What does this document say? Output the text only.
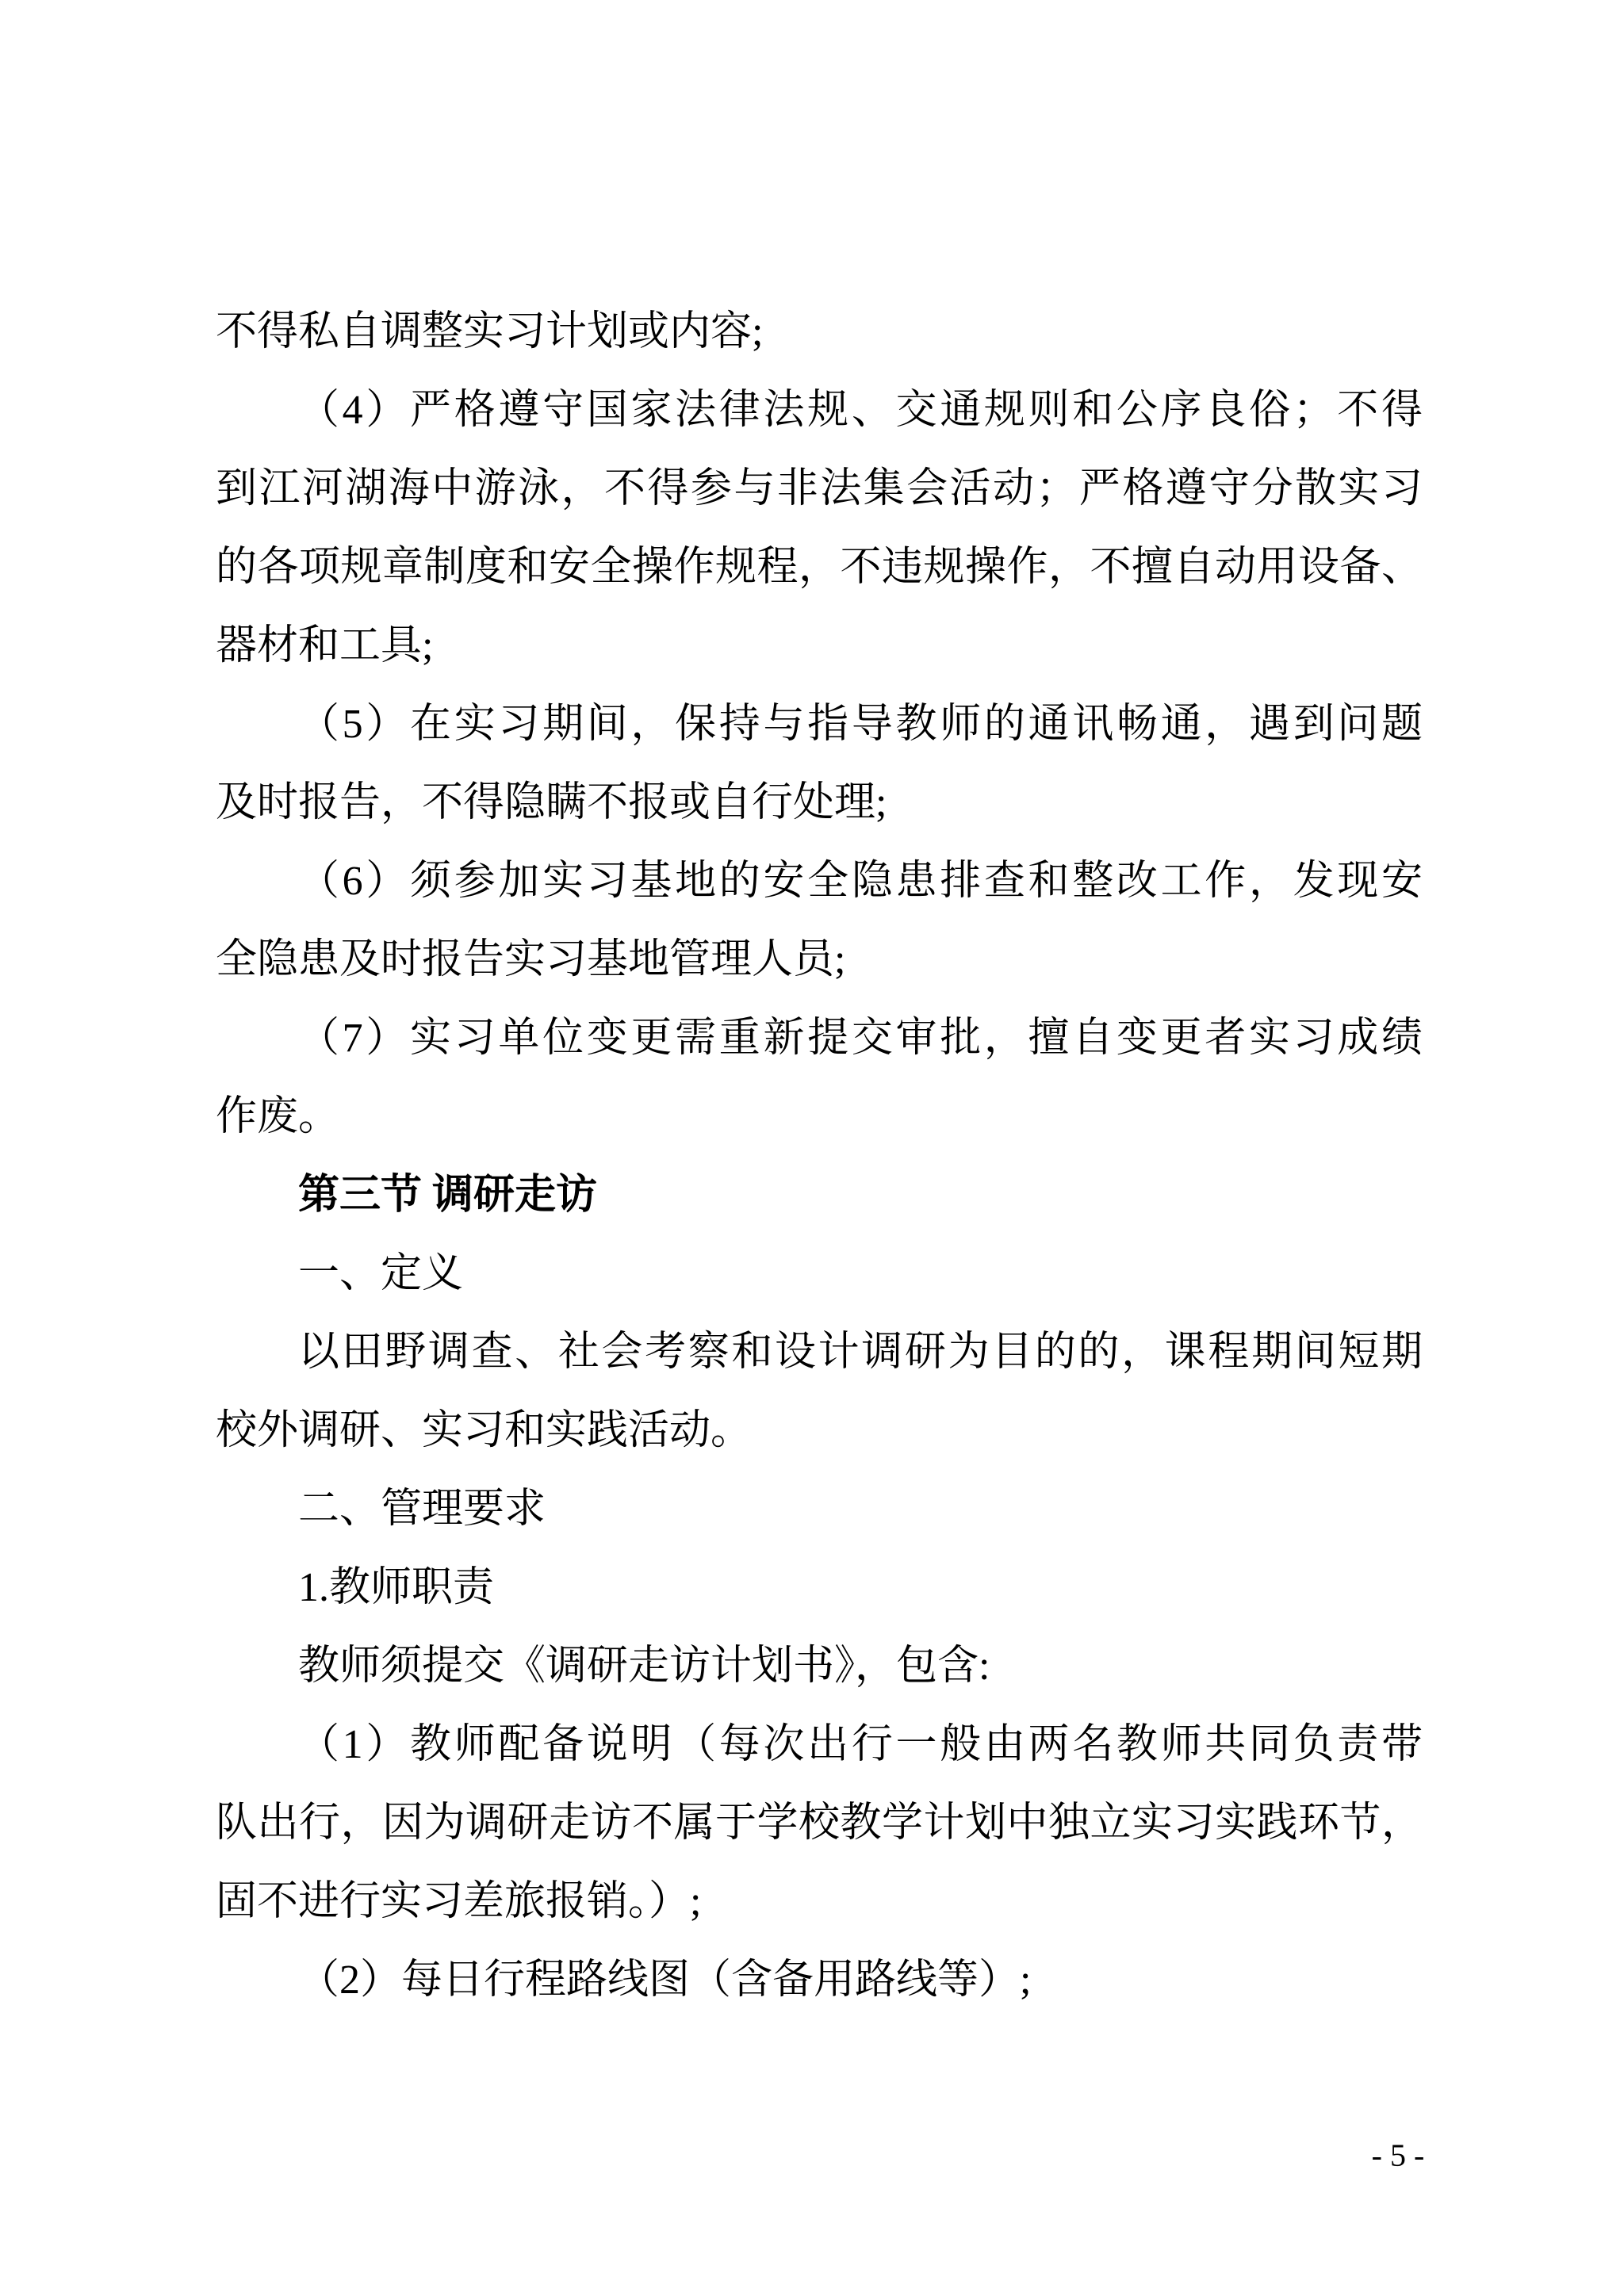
不得私自调整实习计划或内容;
（4）严格遵守国家法律法规、交通规则和公序良俗；不得
到江河湖海中游泳，不得参与非法集会活动；严格遵守分散实习
的各项规章制度和安全操作规程，不违规操作，不擅自动用设备、
器材和工具;
（5）在实习期间，保持与指导教师的通讯畅通，遇到问题
及时报告，不得隐瞒不报或自行处理;
（6）须参加实习基地的安全隐患排查和整改工作，发现安
全隐患及时报告实习基地管理人员;
（7）实习单位变更需重新提交审批，擅自变更者实习成绩
作废。
第三节 调研走访
一、定义
以田野调查、社会考察和设计调研为目的的，课程期间短期
校外调研、实习和实践活动。
二、管理要求
1.教师职责
教师须提交《调研走访计划书》，包含:
（1）教师配备说明（每次出行一般由两名教师共同负责带
队出行，因为调研走访不属于学校教学计划中独立实习实践环节，
固不进行实习差旅报销。）;
（2）每日行程路线图（含备用路线等）;
- 5 -
